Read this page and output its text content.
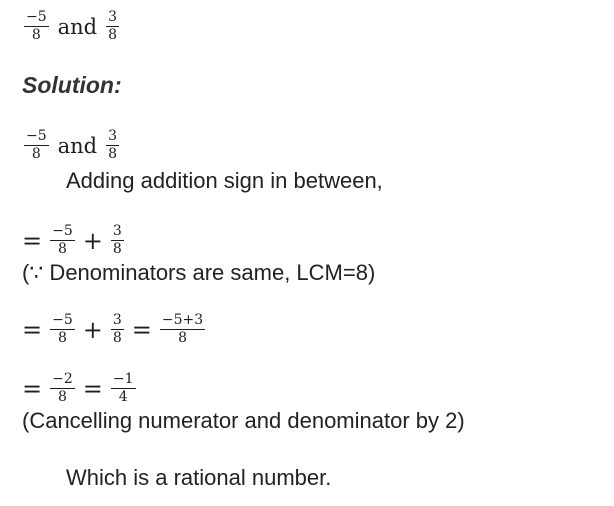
$\frac{-5}{8}$ and $\frac{3}{8}$
Solution:
$\frac{-5}{8}$ and $\frac{3}{8}$
Adding addition sign in between,
= $\frac{-5}{8} + \frac{3}{8}$
(∵ Denominators are same, LCM=8)
= $\frac{-5}{8} + \frac{3}{8} = \frac{-5+3}{8}$
= $\frac{-2}{8} = \frac{-1}{4}$
(Cancelling numerator and denominator by 2)
Which is a rational number.
